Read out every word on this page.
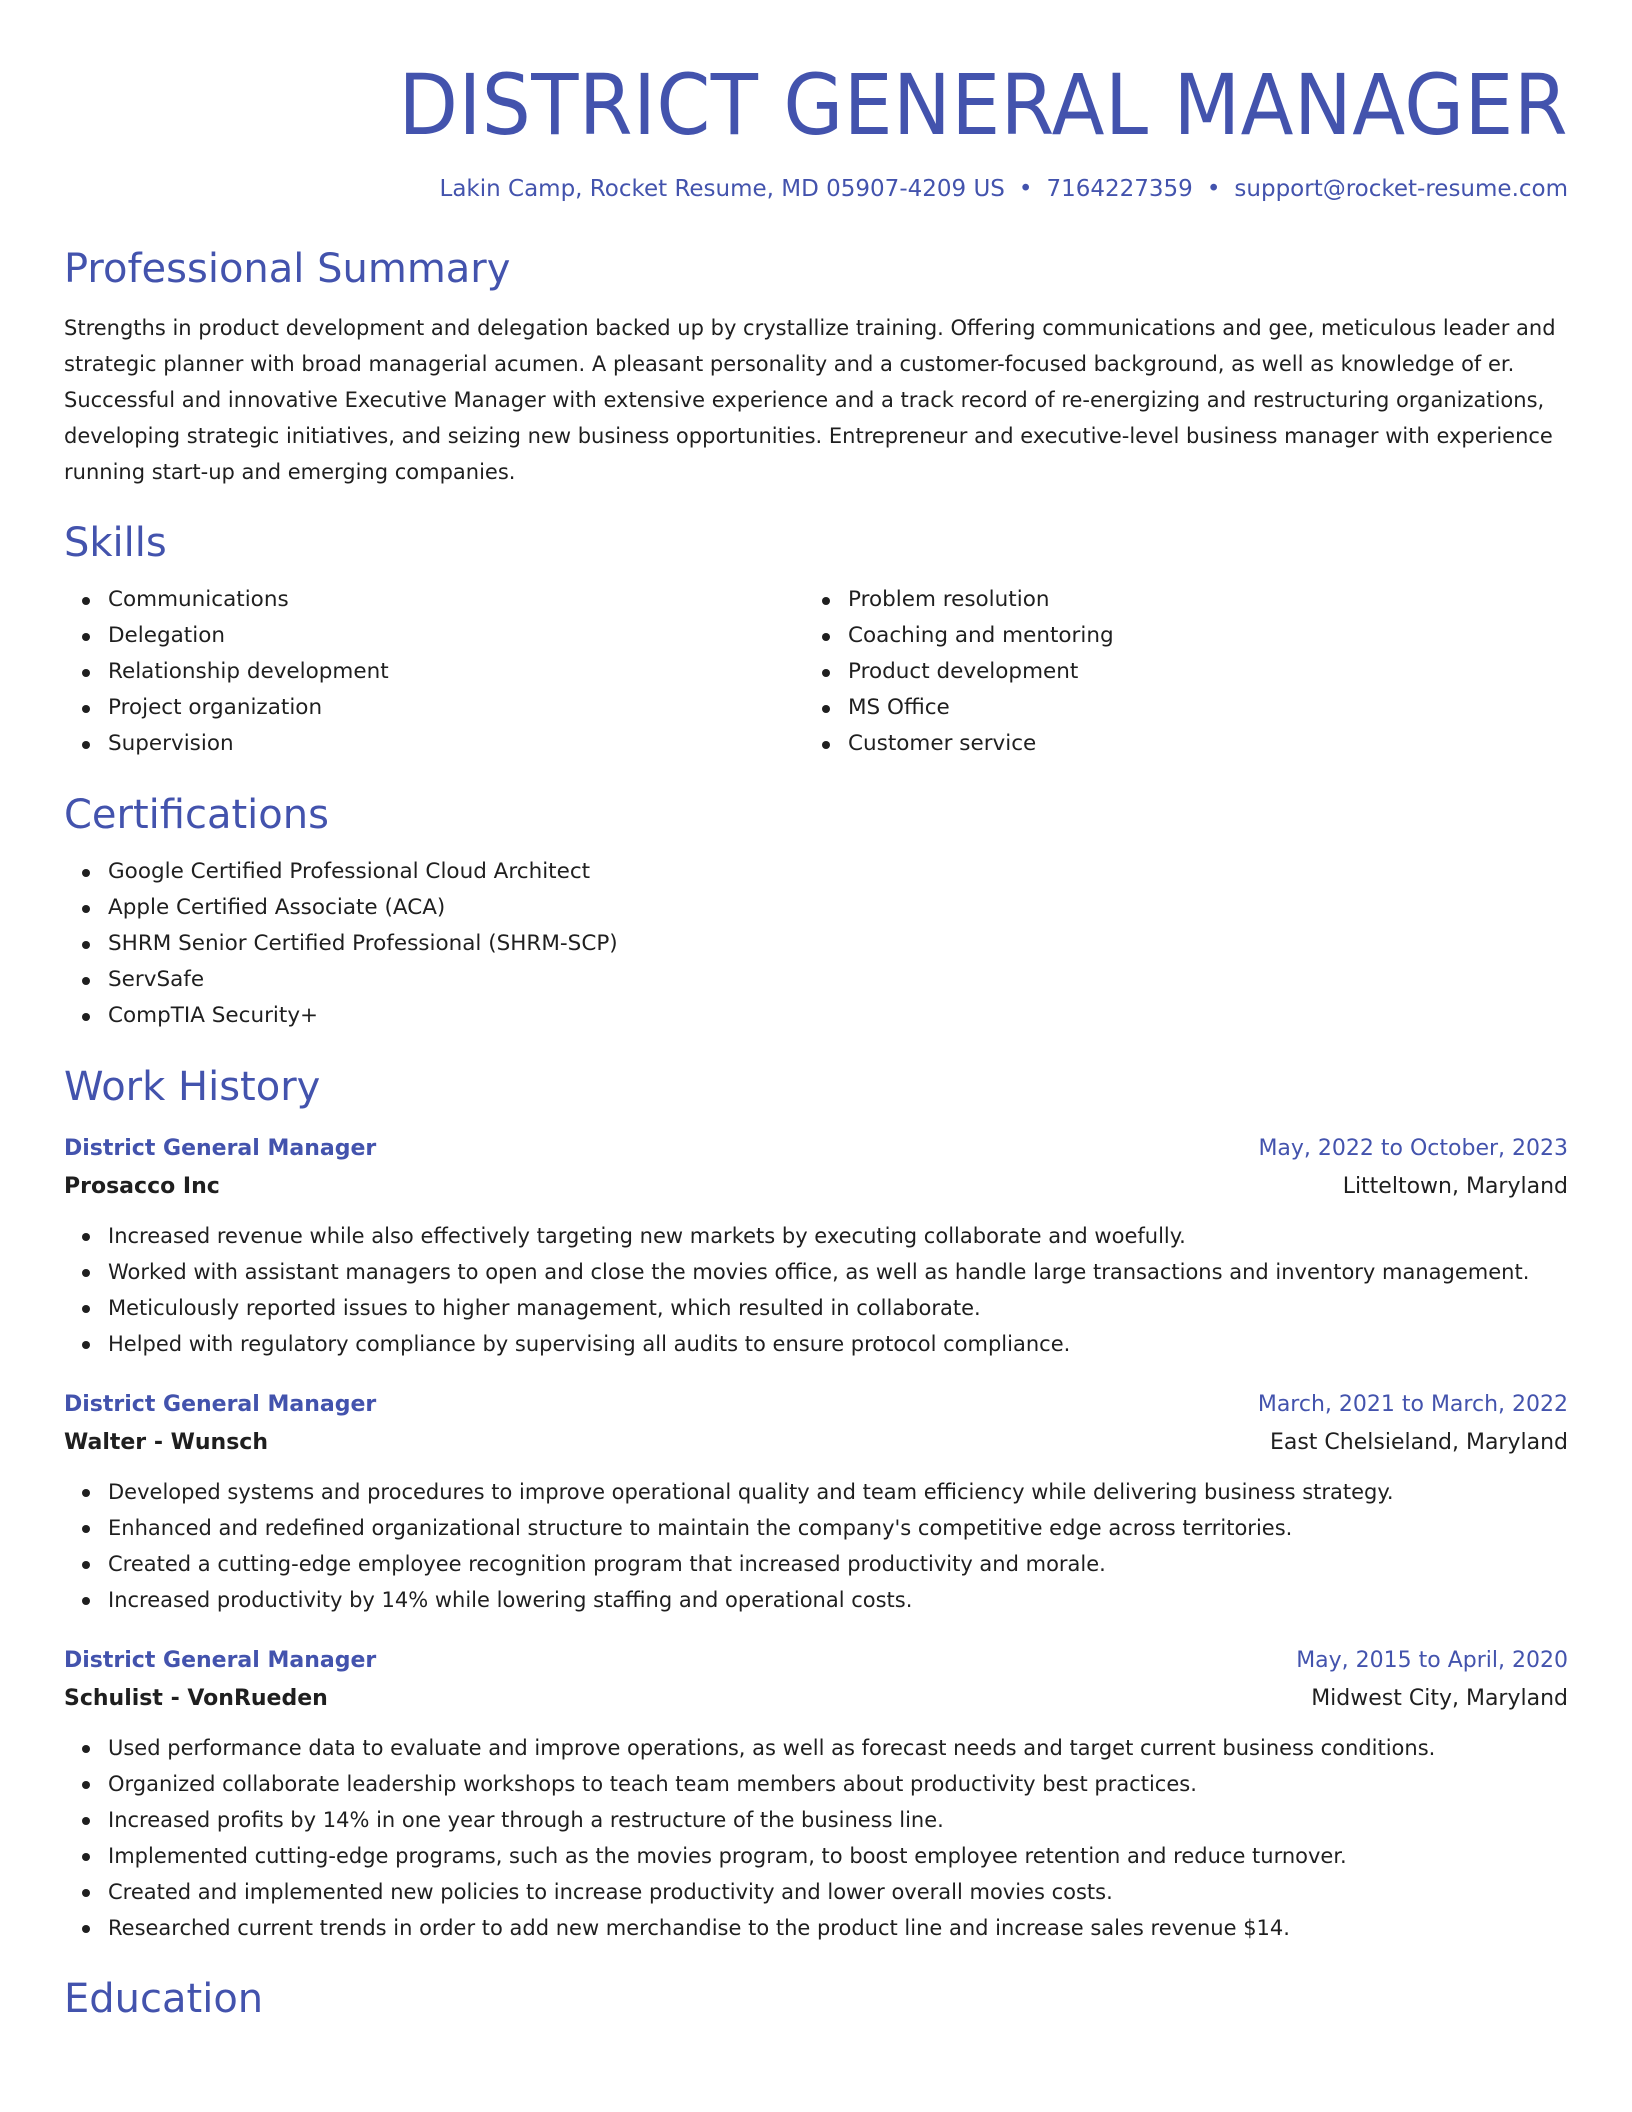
DISTRICT GENERAL MANAGER
Lakin Camp, Rocket Resume, MD 05907-4209 US • 7164227359 • support@rocket-resume.com
Professional Summary

Strengths in product development and delegation backed up by crystallize training. Offering communications and gee, meticulous leader and strategic planner with broad managerial acumen. A pleasant personality and a customer-focused background, as well as knowledge of er. Successful and innovative Executive Manager with extensive experience and a track record of re-energizing and restructuring organizations, developing strategic initiatives, and seizing new business opportunities. Entrepreneur and executive-level business manager with experience running start-up and emerging companies.

Skills
Communications
Delegation
Relationship development
Project organization
Supervision
Problem resolution
Coaching and mentoring
Product development
MS Office
Customer service
Certifications
Google Certified Professional Cloud Architect
Apple Certified Associate (ACA)
SHRM Senior Certified Professional (SHRM-SCP)
ServSafe
CompTIA Security+
Work History
District General Manager	May, 2022 to October, 2023
Prosacco Inc	Litteltown, Maryland
Increased revenue while also effectively targeting new markets by executing collaborate and woefully.
Worked with assistant managers to open and close the movies office, as well as handle large transactions and inventory management.
Meticulously reported issues to higher management, which resulted in collaborate.
Helped with regulatory compliance by supervising all audits to ensure protocol compliance.
District General Manager	March, 2021 to March, 2022
Walter - Wunsch	East Chelsieland, Maryland
Developed systems and procedures to improve operational quality and team efficiency while delivering business strategy.
Enhanced and redefined organizational structure to maintain the company's competitive edge across territories.
Created a cutting-edge employee recognition program that increased productivity and morale.
Increased productivity by 14% while lowering staffing and operational costs.
District General Manager	May, 2015 to April, 2020
Schulist - VonRueden	Midwest City, Maryland
Used performance data to evaluate and improve operations, as well as forecast needs and target current business conditions.
Organized collaborate leadership workshops to teach team members about productivity best practices.
Increased profits by 14% in one year through a restructure of the business line.
Implemented cutting-edge programs, such as the movies program, to boost employee retention and reduce turnover.
Created and implemented new policies to increase productivity and lower overall movies costs.
Researched current trends in order to add new merchandise to the product line and increase sales revenue $14.
Education
